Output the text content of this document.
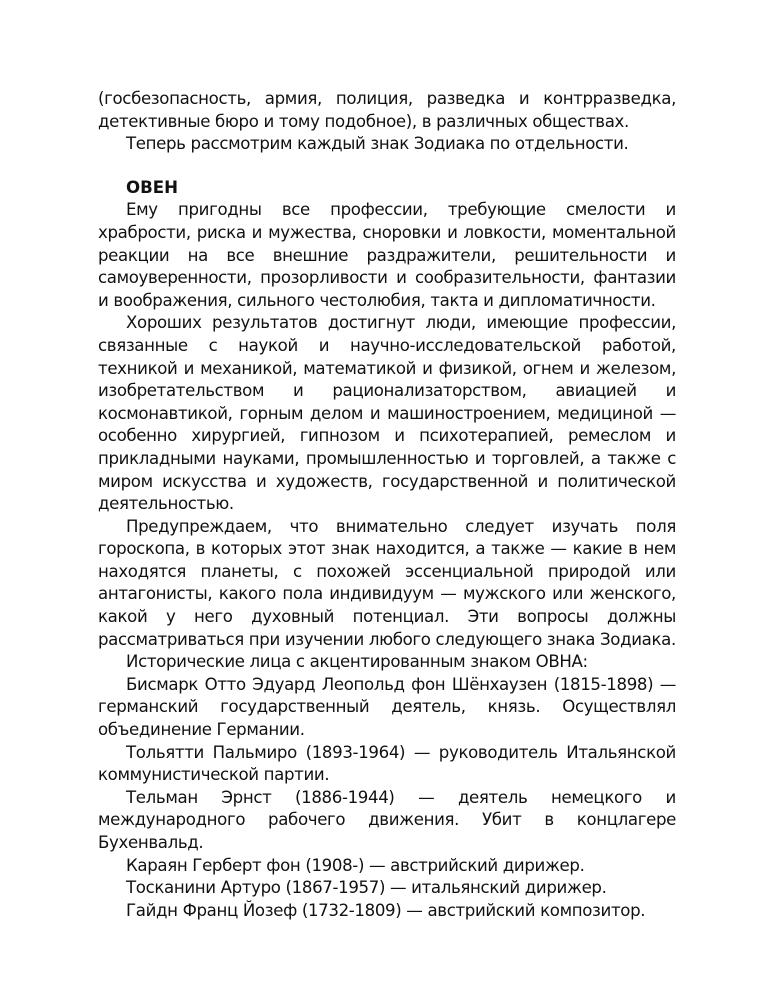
(госбезопасность, армия, полиция, разведка и контрразведка, детективные бюро и тому подобное), в различных обществах.

Теперь рассмотрим каждый знак Зодиака по отдельности.

ОВЕН

Ему пригодны все профессии, требующие смелости и храбрости, риска и мужества, сноровки и ловкости, моментальной реакции на все внешние раздражители, решительности и самоуверенности, прозорливости и сообразительности, фантазии и воображения, сильного честолюбия, такта и дипломатичности.

Хороших результатов достигнут люди, имеющие профессии, связанные с наукой и научно-исследовательской работой, техникой и механикой, математикой и физикой, огнем и железом, изобретательством и рационализаторством, авиацией и космонавтикой, горным делом и машиностроением, медициной — особенно хирургией, гипнозом и психотерапией, ремеслом и прикладными науками, промышленностью и торговлей, а также с миром искусства и художеств, государственной и политической деятельностью.

Предупреждаем, что внимательно следует изучать поля гороскопа, в которых этот знак находится, а также — какие в нем находятся планеты, с похожей эссенциальной природой или антагонисты, какого пола индивидуум — мужского или женского, какой у него духовный потенциал. Эти вопросы должны рассматриваться при изучении любого следующего знака Зодиака.

Исторические лица с акцентированным знаком ОВНА:

Бисмарк Отто Эдуард Леопольд фон Шёнхаузен (1815-1898) — германский государственный деятель, князь. Осуществлял объединение Германии.

Тольятти Пальмиро (1893-1964) — руководитель Итальянской коммунистической партии.

Тельман Эрнст (1886-1944) — деятель немецкого и международного рабочего движения. Убит в концлагере Бухенвальд.

Караян Герберт фон (1908-) — австрийский дирижер.

Тосканини Артуро (1867-1957) — итальянский дирижер.

Гайдн Франц Йозеф (1732-1809) — австрийский композитор.
